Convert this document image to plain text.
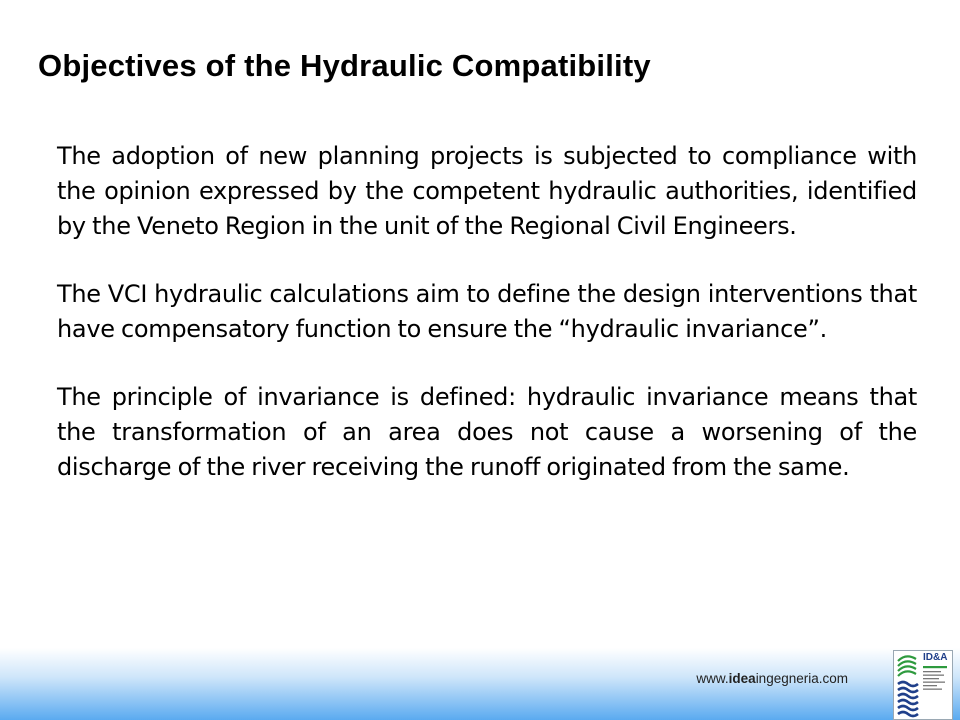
Objectives of the Hydraulic Compatibility

The adoption of new planning projects is subjected to compliance with the opinion expressed by the competent hydraulic authorities, identified by the Veneto Region in the unit of the Regional Civil Engineers.

The VCI hydraulic calculations aim to define the design interventions that have compensatory function to ensure the “hydraulic invariance”.

The principle of invariance is defined: hydraulic invariance means that the transformation of an area does not cause a worsening of the discharge of the river receiving the runoff originated from the same.

www.ideaingegneria.com
ID&A
